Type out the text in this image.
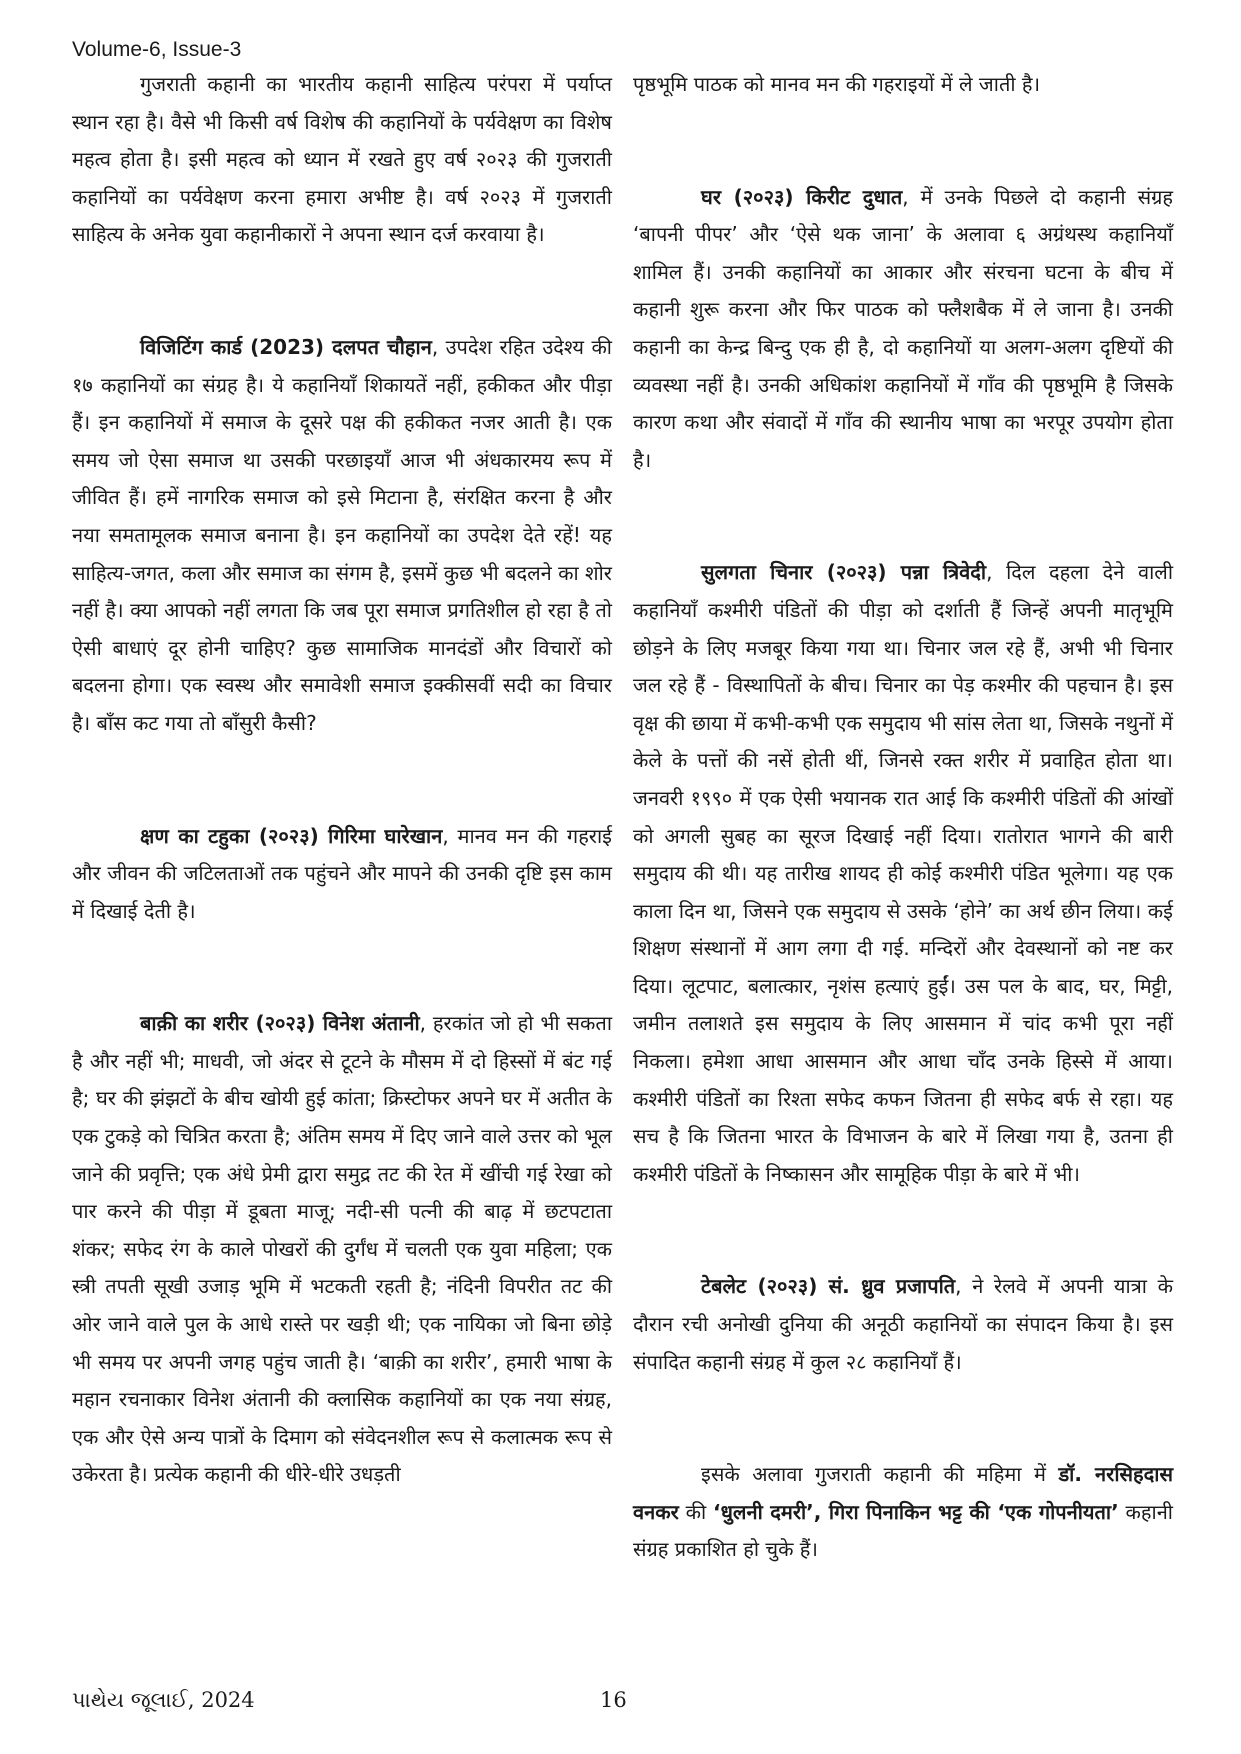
Volume-6, Issue-3

गुजराती कहानी का भारतीय कहानी साहित्य परंपरा में पर्याप्त स्थान रहा है। वैसे भी किसी वर्ष विशेष की कहानियों के पर्यवेक्षण का विशेष महत्व होता है। इसी महत्व को ध्यान में रखते हुए वर्ष २०२३ की गुजराती कहानियों का पर्यवेक्षण करना हमारा अभीष्ट है। वर्ष २०२३ में गुजराती साहित्य के अनेक युवा कहानीकारों ने अपना स्थान दर्ज करवाया है।

विजिटिंग कार्ड (2023) दलपत चौहान, उपदेश रहित उदेश्य की १७ कहानियों का संग्रह है। ये कहानियाँ शिकायतें नहीं, हकीकत और पीड़ा हैं। इन कहानियों में समाज के दूसरे पक्ष की हकीकत नजर आती है। एक समय जो ऐसा समाज था उसकी परछाइयाँ आज भी अंधकारमय रूप में जीवित हैं। हमें नागरिक समाज को इसे मिटाना है, संरक्षित करना है और नया समतामूलक समाज बनाना है। इन कहानियों का उपदेश देते रहें! यह साहित्य-जगत, कला और समाज का संगम है, इसमें कुछ भी बदलने का शोर नहीं है। क्या आपको नहीं लगता कि जब पूरा समाज प्रगतिशील हो रहा है तो ऐसी बाधाएं दूर होनी चाहिए? कुछ सामाजिक मानदंडों और विचारों को बदलना होगा। एक स्वस्थ और समावेशी समाज इक्कीसवीं सदी का विचार है। बाँस कट गया तो बाँसुरी कैसी?

क्षण का टहुका (२०२३) गिरिमा घारेखान, मानव मन की गहराई और जीवन की जटिलताओं तक पहुंचने और मापने की उनकी दृष्टि इस काम में दिखाई देती है।

बाक़ी का शरीर (२०२३) विनेश अंतानी, हरकांत जो हो भी सकता है और नहीं भी; माधवी, जो अंदर से टूटने के मौसम में दो हिस्सों में बंट गई है; घर की झंझटों के बीच खोयी हुई कांता; क्रिस्टोफर अपने घर में अतीत के एक टुकड़े को चित्रित करता है; अंतिम समय में दिए जाने वाले उत्तर को भूल जाने की प्रवृत्ति; एक अंधे प्रेमी द्वारा समुद्र तट की रेत में खींची गई रेखा को पार करने की पीड़ा में डूबता माजू; नदी-सी पत्नी की बाढ़ में छटपटाता शंकर; सफेद रंग के काले पोखरों की दुर्गंध में चलती एक युवा महिला; एक स्त्री तपती सूखी उजाड़ भूमि में भटकती रहती है; नंदिनी विपरीत तट की ओर जाने वाले पुल के आधे रास्ते पर खड़ी थी; एक नायिका जो बिना छोड़े भी समय पर अपनी जगह पहुंच जाती है। ‘बाक़ी का शरीर’, हमारी भाषा के महान रचनाकार विनेश अंतानी की क्लासिक कहानियों का एक नया संग्रह, एक और ऐसे अन्य पात्रों के दिमाग को संवेदनशील रूप से कलात्मक रूप से उकेरता है। प्रत्येक कहानी की धीरे-धीरे उधड़ती

पृष्ठभूमि पाठक को मानव मन की गहराइयों में ले जाती है।

घर (२०२३) किरीट दुधात, में उनके पिछले दो कहानी संग्रह ‘बापनी पीपर’ और ‘ऐसे थक जाना’ के अलावा ६ अग्रंथस्थ कहानियाँ शामिल हैं। उनकी कहानियों का आकार और संरचना घटना के बीच में कहानी शुरू करना और फिर पाठक को फ्लैशबैक में ले जाना है। उनकी कहानी का केन्द्र बिन्दु एक ही है, दो कहानियों या अलग-अलग दृष्टियों की व्यवस्था नहीं है। उनकी अधिकांश कहानियों में गाँव की पृष्ठभूमि है जिसके कारण कथा और संवादों में गाँव की स्थानीय भाषा का भरपूर उपयोग होता है।

सुलगता चिनार (२०२३) पन्ना त्रिवेदी, दिल दहला देने वाली कहानियाँ कश्मीरी पंडितों की पीड़ा को दर्शाती हैं जिन्हें अपनी मातृभूमि छोड़ने के लिए मजबूर किया गया था। चिनार जल रहे हैं, अभी भी चिनार जल रहे हैं - विस्थापितों के बीच। चिनार का पेड़ कश्मीर की पहचान है। इस वृक्ष की छाया में कभी-कभी एक समुदाय भी सांस लेता था, जिसके नथुनों में केले के पत्तों की नसें होती थीं, जिनसे रक्त शरीर में प्रवाहित होता था। जनवरी १९९० में एक ऐसी भयानक रात आई कि कश्मीरी पंडितों की आंखों को अगली सुबह का सूरज दिखाई नहीं दिया। रातोरात भागने की बारी समुदाय की थी। यह तारीख शायद ही कोई कश्मीरी पंडित भूलेगा। यह एक काला दिन था, जिसने एक समुदाय से उसके ‘होने’ का अर्थ छीन लिया। कई शिक्षण संस्थानों में आग लगा दी गई. मन्दिरों और देवस्थानों को नष्ट कर दिया। लूटपाट, बलात्कार, नृशंस हत्याएं हुईं। उस पल के बाद, घर, मिट्टी, जमीन तलाशते इस समुदाय के लिए आसमान में चांद कभी पूरा नहीं निकला। हमेशा आधा आसमान और आधा चाँद उनके हिस्से में आया। कश्मीरी पंडितों का रिश्ता सफेद कफन जितना ही सफेद बर्फ से रहा। यह सच है कि जितना भारत के विभाजन के बारे में लिखा गया है, उतना ही कश्मीरी पंडितों के निष्कासन और सामूहिक पीड़ा के बारे में भी।

टेबलेट (२०२३) सं. ध्रुव प्रजापति, ने रेलवे में अपनी यात्रा के दौरान रची अनोखी दुनिया की अनूठी कहानियों का संपादन किया है। इस संपादित कहानी संग्रह में कुल २८ कहानियाँ हैं।

इसके अलावा गुजराती कहानी की महिमा में डॉ. नरसिहदास वनकर की ‘धुलनी दमरी’, गिरा पिनाकिन भट्ट की ‘एक गोपनीयता’ कहानी संग्रह प्रकाशित हो चुके हैं।

પાથેય જૂલાઈ, 2024	16
